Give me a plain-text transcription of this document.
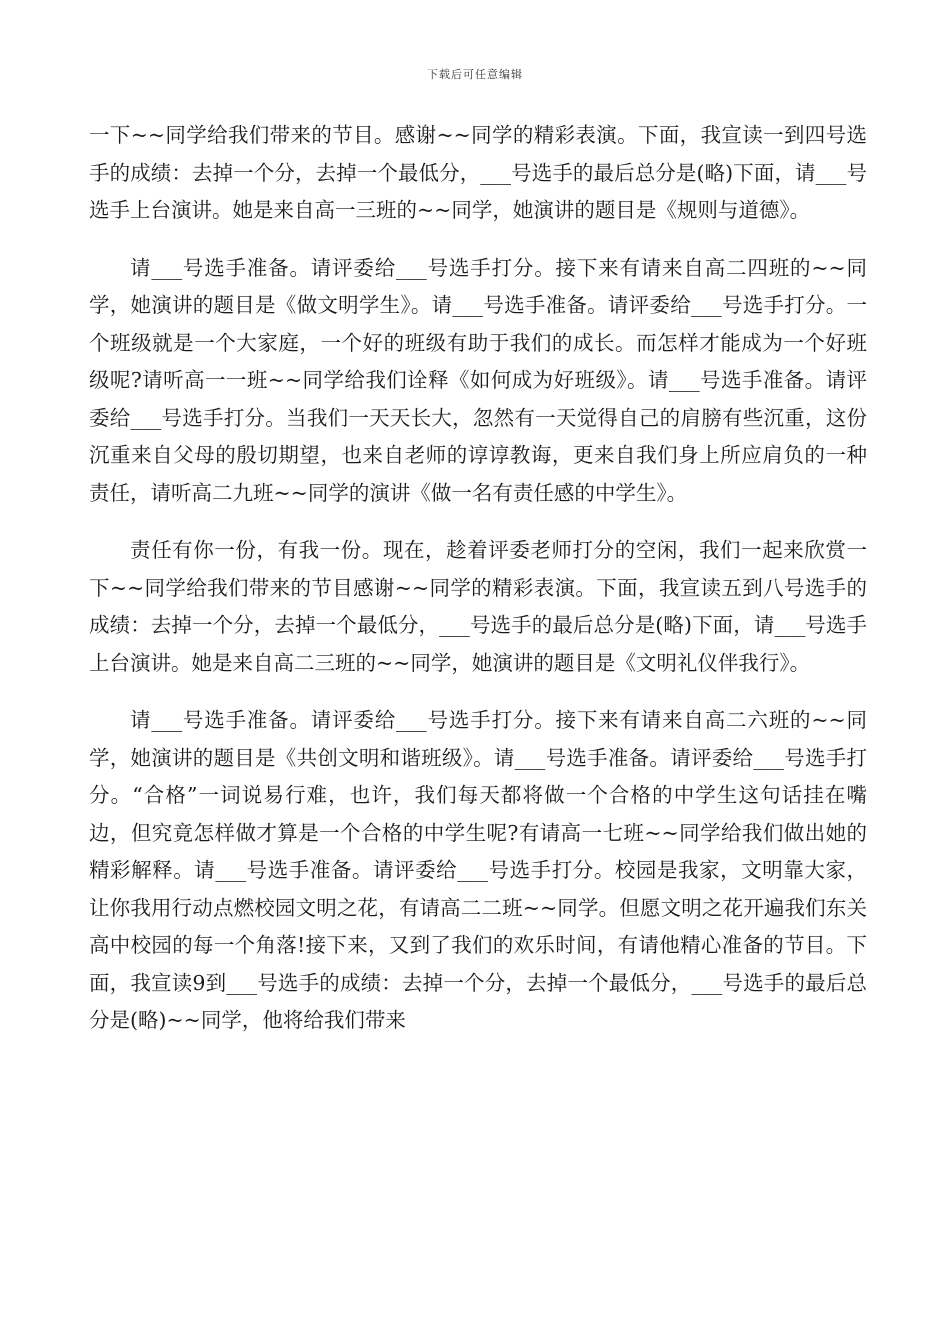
下载后可任意编辑

一下~~同学给我们带来的节目。感谢~~同学的精彩表演。下面，我宣读一到四号选手的成绩：去掉一个分，去掉一个最低分，___号选手的最后总分是(略)下面，请___号选手上台演讲。她是来自高一三班的~~同学，她演讲的题目是《规则与道德》。

请___号选手准备。请评委给___号选手打分。接下来有请来自高二四班的~~同学，她演讲的题目是《做文明学生》。请___号选手准备。请评委给___号选手打分。一个班级就是一个大家庭，一个好的班级有助于我们的成长。而怎样才能成为一个好班级呢?请听高一一班~~同学给我们诠释《如何成为好班级》。请___号选手准备。请评委给___号选手打分。当我们一天天长大，忽然有一天觉得自己的肩膀有些沉重，这份沉重来自父母的殷切期望，也来自老师的谆谆教诲，更来自我们身上所应肩负的一种责任，请听高二九班~~同学的演讲《做一名有责任感的中学生》。

责任有你一份，有我一份。现在，趁着评委老师打分的空闲，我们一起来欣赏一下~~同学给我们带来的节目感谢~~同学的精彩表演。下面，我宣读五到八号选手的成绩：去掉一个分，去掉一个最低分，___号选手的最后总分是(略)下面，请___号选手上台演讲。她是来自高二三班的~~同学，她演讲的题目是《文明礼仪伴我行》。

请___号选手准备。请评委给___号选手打分。接下来有请来自高二六班的~~同学，她演讲的题目是《共创文明和谐班级》。请___号选手准备。请评委给___号选手打分。“合格”一词说易行难，也许，我们每天都将做一个合格的中学生这句话挂在嘴边，但究竟怎样做才算是一个合格的中学生呢?有请高一七班~~同学给我们做出她的精彩解释。请___号选手准备。请评委给___号选手打分。校园是我家，文明靠大家，让你我用行动点燃校园文明之花，有请高二二班~~同学。但愿文明之花开遍我们东关高中校园的每一个角落!接下来，又到了我们的欢乐时间，有请他精心准备的节目。下面，我宣读9到___号选手的成绩：去掉一个分，去掉一个最低分，___号选手的最后总分是(略)~~同学，他将给我们带来
